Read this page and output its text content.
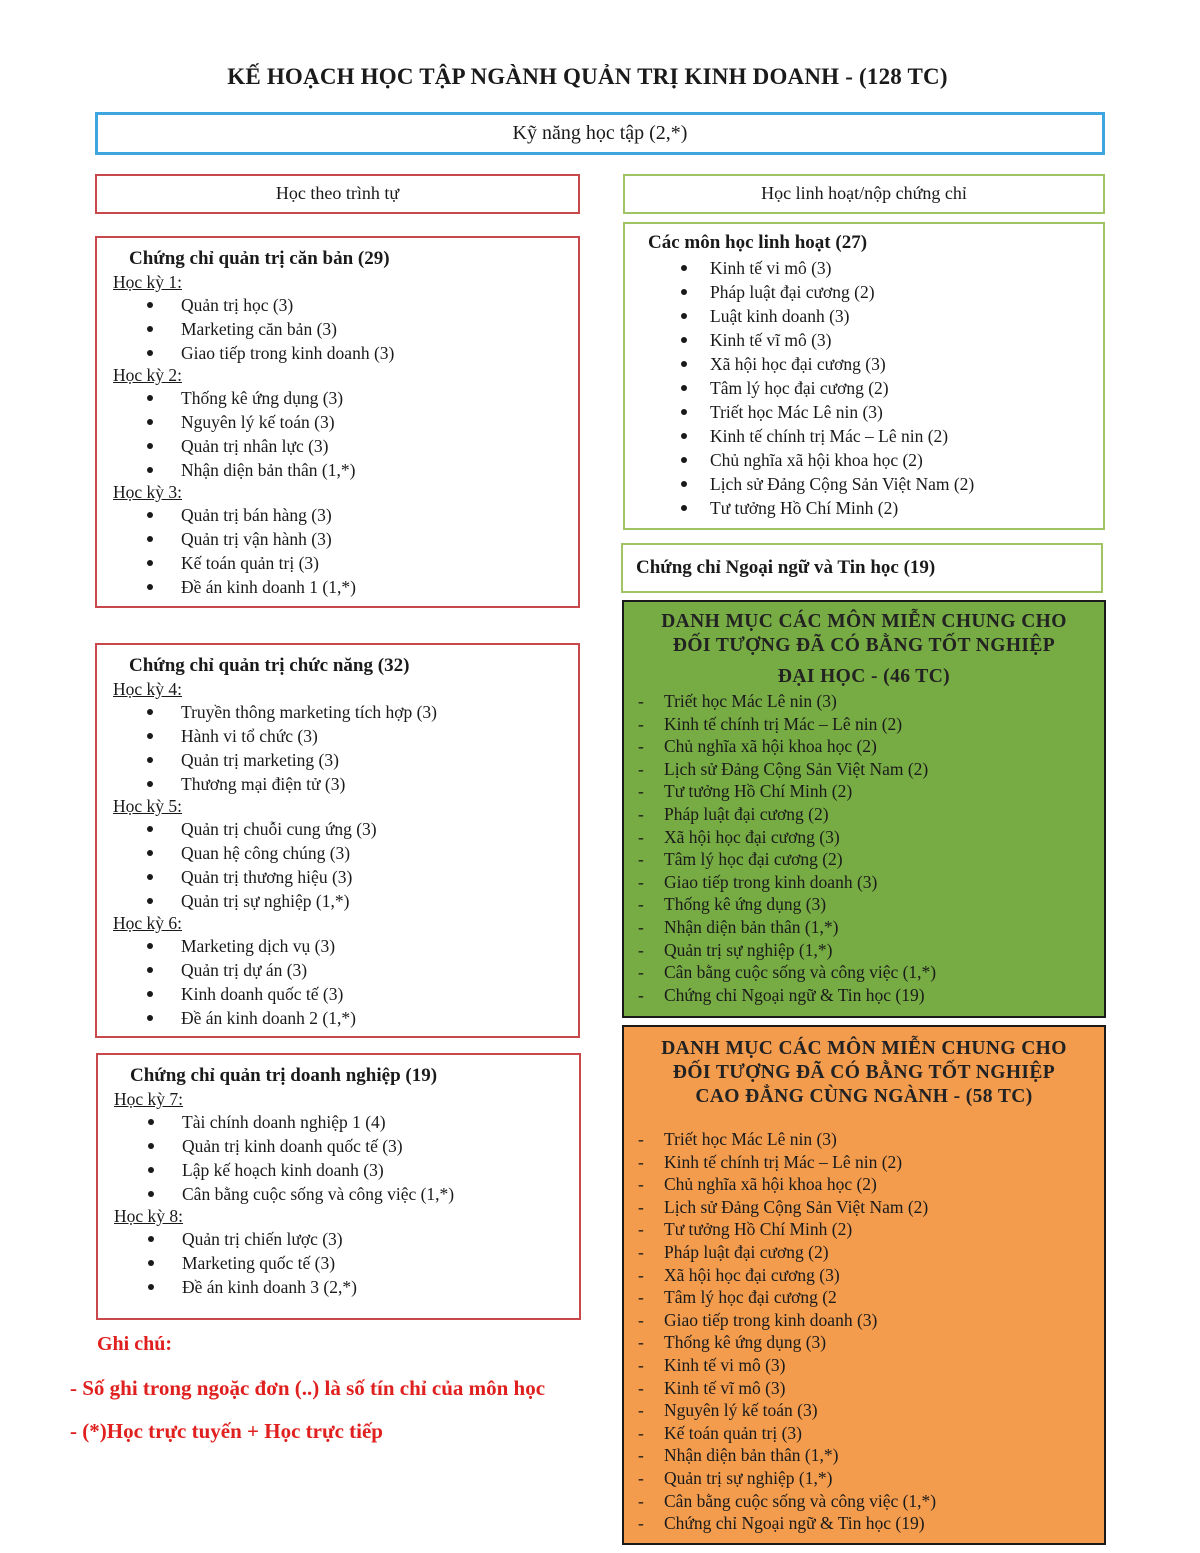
KẾ HOẠCH HỌC TẬP NGÀNH QUẢN TRỊ KINH DOANH - (128 TC)
Kỹ năng học tập (2,*)
Học theo trình tự	Học linh hoạt/nộp chứng chỉ
Chứng chỉ quản trị căn bản (29)
Học kỳ 1:
Quản trị học (3)
Marketing căn bản (3)
Giao tiếp trong kinh doanh (3)
Học kỳ 2:
Thống kê ứng dụng (3)
Nguyên lý kế toán (3)
Quản trị nhân lực (3)
Nhận diện bản thân (1,*)
Học kỳ 3:
Quản trị bán hàng (3)
Quản trị vận hành (3)
Kế toán quản trị (3)
Đề án kinh doanh 1 (1,*)
Chứng chỉ quản trị chức năng (32)
Học kỳ 4:
Truyền thông marketing tích hợp (3)
Hành vi tổ chức (3)
Quản trị marketing (3)
Thương mại điện tử (3)
Học kỳ 5:
Quản trị chuỗi cung ứng (3)
Quan hệ công chúng (3)
Quản trị thương hiệu (3)
Quản trị sự nghiệp (1,*)
Học kỳ 6:
Marketing dịch vụ (3)
Quản trị dự án (3)
Kinh doanh quốc tế (3)
Đề án kinh doanh 2 (1,*)
Chứng chỉ quản trị doanh nghiệp (19)
Học kỳ 7:
Tài chính doanh nghiệp 1 (4)
Quản trị kinh doanh quốc tế (3)
Lập kế hoạch kinh doanh (3)
Cân bằng cuộc sống và công việc (1,*)
Học kỳ 8:
Quản trị chiến lược (3)
Marketing quốc tế (3)
Đề án kinh doanh 3 (2,*)
Các môn học linh hoạt (27)
Kinh tế vi mô (3)
Pháp luật đại cương (2)
Luật kinh doanh (3)
Kinh tế vĩ mô (3)
Xã hội học đại cương (3)
Tâm lý học đại cương (2)
Triết học Mác Lê nin (3)
Kinh tế chính trị Mác – Lê nin (2)
Chủ nghĩa xã hội khoa học (2)
Lịch sử Đảng Cộng Sản Việt Nam (2)
Tư tưởng Hồ Chí Minh (2)
Chứng chỉ Ngoại ngữ và Tin học (19)
DANH MỤC CÁC MÔN MIỄN CHUNG CHO
ĐỐI TƯỢNG ĐÃ CÓ BẰNG TỐT NGHIỆP
ĐẠI HỌC - (46 TC)
- Triết học Mác Lê nin (3)
- Kinh tế chính trị Mác – Lê nin (2)
- Chủ nghĩa xã hội khoa học (2)
- Lịch sử Đảng Cộng Sản Việt Nam (2)
- Tư tưởng Hồ Chí Minh (2)
- Pháp luật đại cương (2)
- Xã hội học đại cương (3)
- Tâm lý học đại cương (2)
- Giao tiếp trong kinh doanh (3)
- Thống kê ứng dụng (3)
- Nhận diện bản thân (1,*)
- Quản trị sự nghiệp (1,*)
- Cân bằng cuộc sống và công việc (1,*)
- Chứng chỉ Ngoại ngữ & Tin học (19)
DANH MỤC CÁC MÔN MIỄN CHUNG CHO
ĐỐI TƯỢNG ĐÃ CÓ BẰNG TỐT NGHIỆP
CAO ĐẲNG CÙNG NGÀNH - (58 TC)
- Triết học Mác Lê nin (3)
- Kinh tế chính trị Mác – Lê nin (2)
- Chủ nghĩa xã hội khoa học (2)
- Lịch sử Đảng Cộng Sản Việt Nam (2)
- Tư tưởng Hồ Chí Minh (2)
- Pháp luật đại cương (2)
- Xã hội học đại cương (3)
- Tâm lý học đại cương (2
- Giao tiếp trong kinh doanh (3)
- Thống kê ứng dụng (3)
- Kinh tế vi mô (3)
- Kinh tế vĩ mô (3)
- Nguyên lý kế toán (3)
- Kế toán quản trị (3)
- Nhận diện bản thân (1,*)
- Quản trị sự nghiệp (1,*)
- Cân bằng cuộc sống và công việc (1,*)
- Chứng chỉ Ngoại ngữ & Tin học (19)
Ghi chú:
- Số ghi trong ngoặc đơn (..) là số tín chỉ của môn học
- (*)Học trực tuyến + Học trực tiếp
